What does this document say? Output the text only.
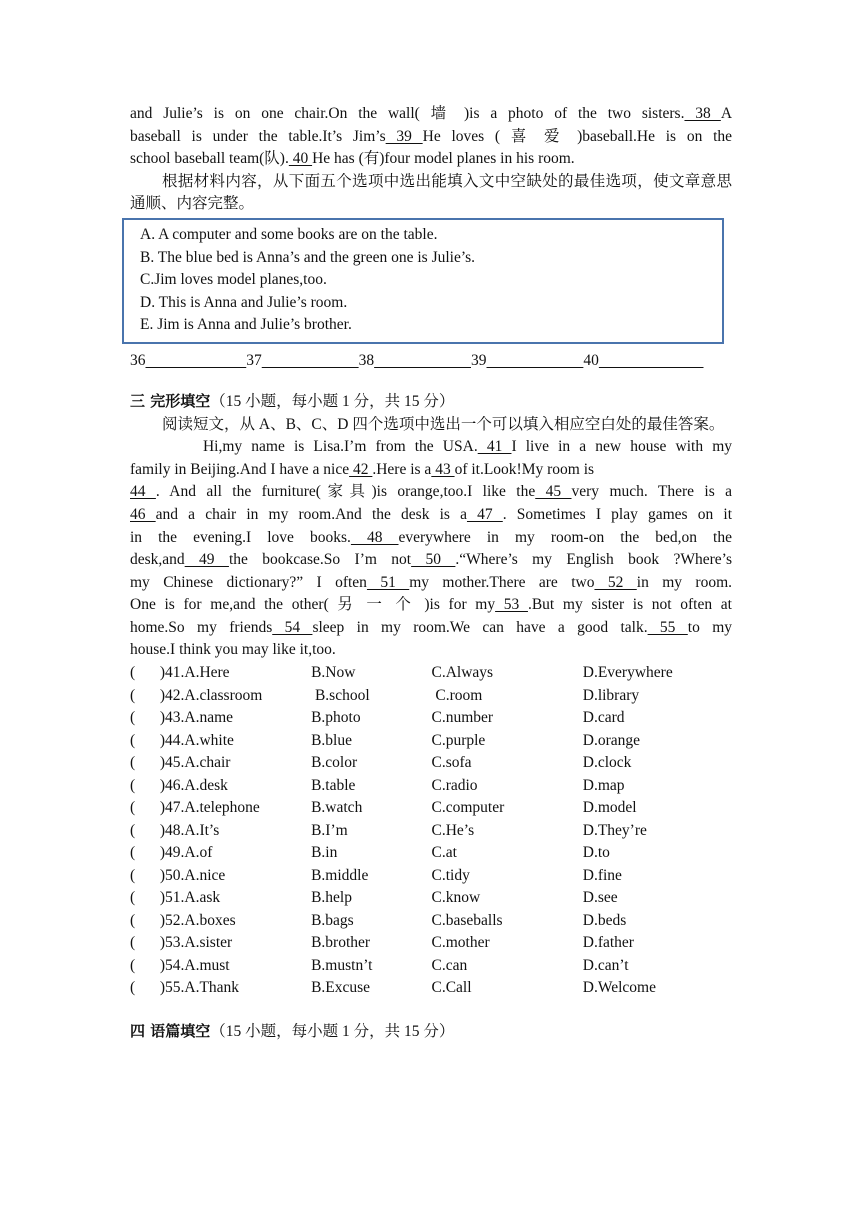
and Julie’s is on one chair.On the wall( 墙 )is a photo of the two sisters. 38 A
baseball is under the table.It’s Jim’s 39 He loves ( 喜 爱 )baseball.He is on the
school baseball team(队). 40 He has (有)four model planes in his room.

根据材料内容，从下面五个选项中选出能填入文中空缺处的最佳选项，使文章意思通顺、内容完整。

A. A computer and some books are on the table.
B. The blue bed is Anna’s and the green one is Julie’s.
C.Jim loves model planes,too.
D. This is Anna and Julie’s room.
E. Jim is Anna and Julie’s brother.
36	37	38	39	40
三 完形填空（15 小题，每小题 1 分，共 15 分）

阅读短文，从 A、B、C、D 四个选项中选出一个可以填入相应空白处的最佳答案。

Hi,my name is Lisa.I’m from the USA. 41 I live in a new house with my
family in Beijing.And I have a nice 42 .Here is a 43 of it.Look!My room is
44 . And all the furniture(家具)is orange,too.I like the 45 very much. There is a
46 and a chair in my room.And the desk is a 47 . Sometimes I play games on it
in the evening.I love books. 48 everywhere in my room-on the bed,on the
desk,and 49 the bookcase.So I’m not 50 .“Where’s my English book ?Where’s
my Chinese dictionary?” I often 51 my mother.There are two 52 in my room.
One is for me,and the other( 另 一 个 )is for my 53 .But my sister is not often at
home.So my friends 54 sleep in my room.We can have a good talk. 55 to my
house.I think you may like it,too.
(	)41.A.Here	B.Now	C.Always	D.Everywhere
(	)42.A.classroom	B.school	C.room	D.library
(	)43.A.name	B.photo	C.number	D.card
(	)44.A.white	B.blue	C.purple	D.orange
(	)45.A.chair	B.color	C.sofa	D.clock
(	)46.A.desk	B.table	C.radio	D.map
(	)47.A.telephone	B.watch	C.computer	D.model
(	)48.A.It’s	B.I’m	C.He’s	D.They’re
(	)49.A.of	B.in	C.at	D.to
(	)50.A.nice	B.middle	C.tidy	D.fine
(	)51.A.ask	B.help	C.know	D.see
(	)52.A.boxes	B.bags	C.baseballs	D.beds
(	)53.A.sister	B.brother	C.mother	D.father
(	)54.A.must	B.mustn’t	C.can	D.can’t
(	)55.A.Thank	B.Excuse	C.Call	D.Welcome
四 语篇填空（15 小题，每小题 1 分，共 15 分）
